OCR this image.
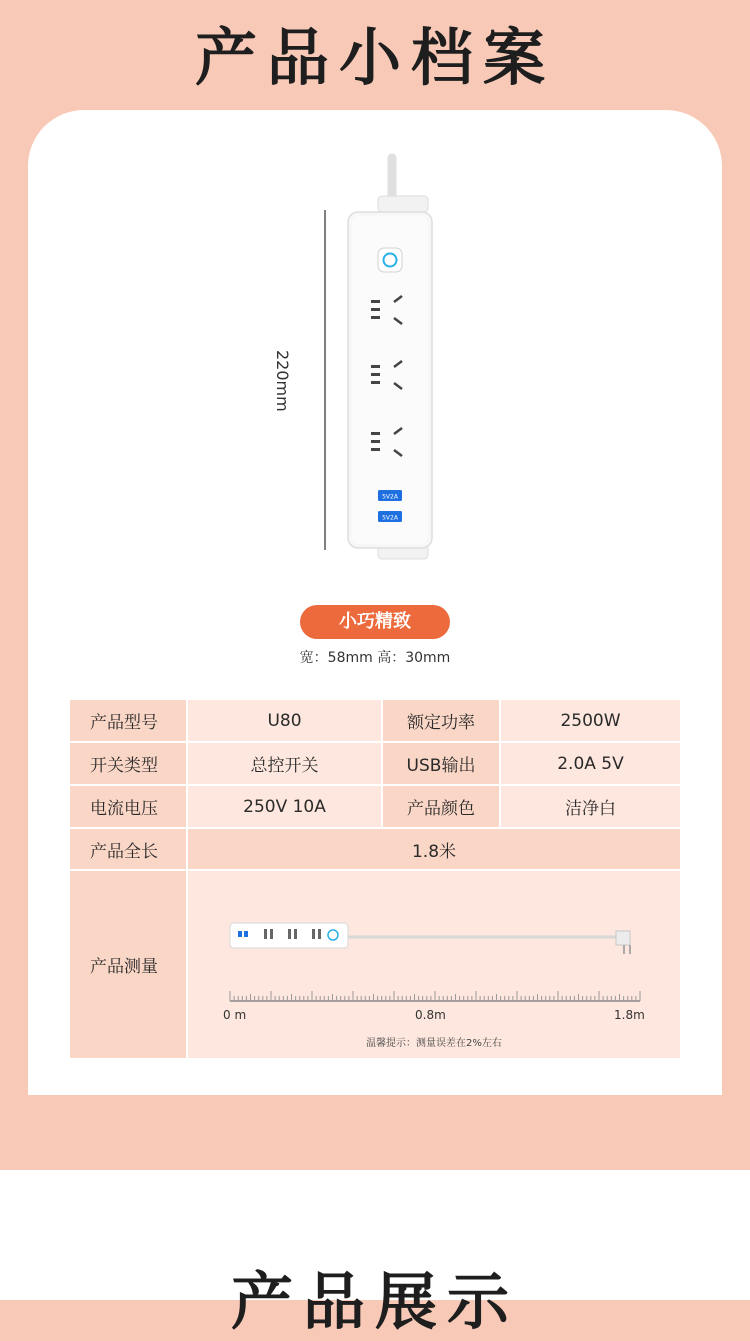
产品小档案
5V2A
5V2A
220mm
小巧精致
宽：58mm 高：30mm
产品型号	U80	额定功率	2500W
开关类型	总控开关	USB输出	2.0A 5V
电流电压	250V 10A	产品颜色	洁净白
产品全长	1.8米
产品测量
0 m	0.8m	1.8m
温馨提示：测量误差在2%左右
产品展示
